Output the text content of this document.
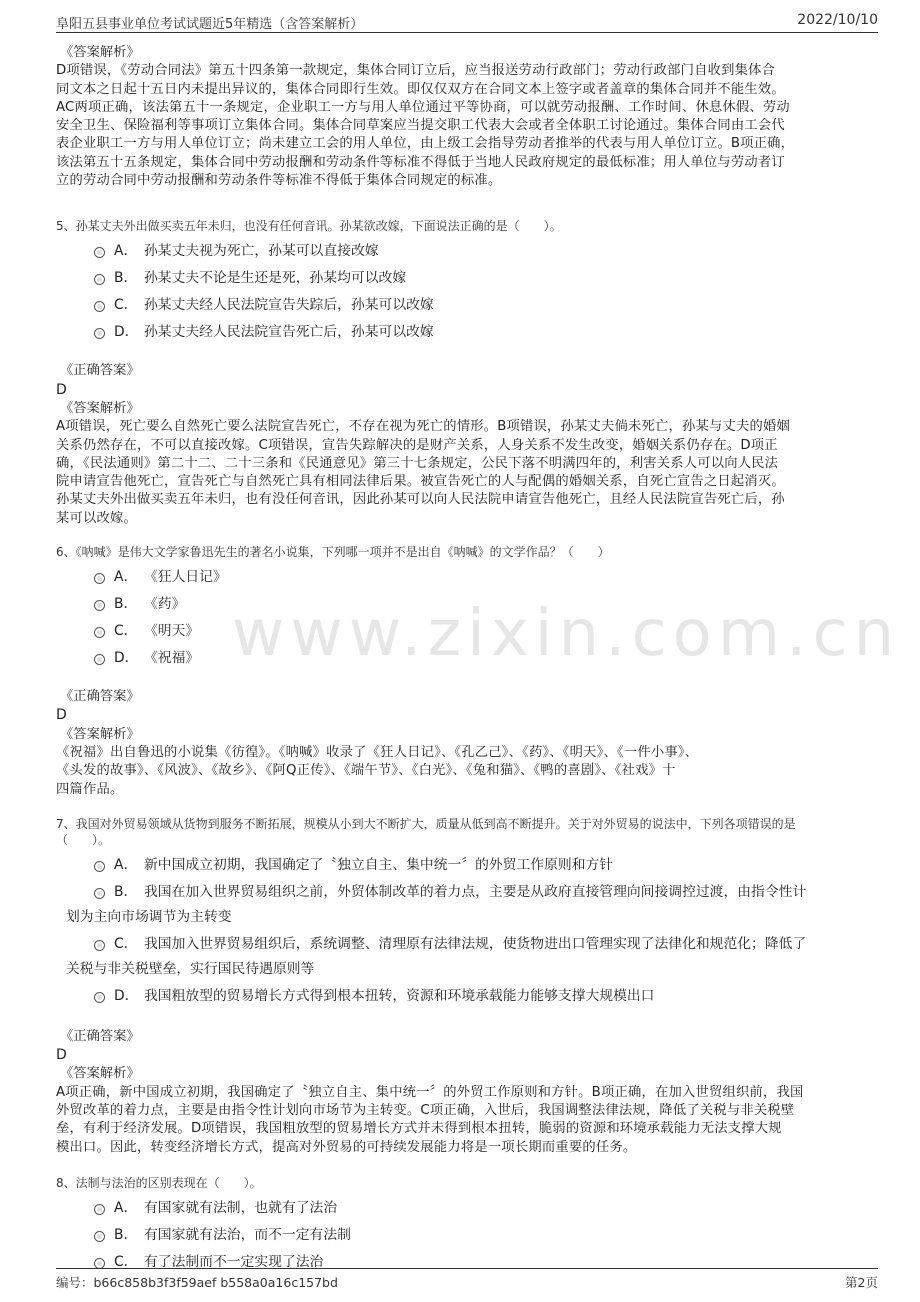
阜阳五县事业单位考试试题近5年精选（含答案解析）	2022/10/10
www.zixin.com.cn

《答案解析》

D项错误，《劳动合同法》第五十四条第一款规定，集体合同订立后，应当报送劳动行政部门；劳动行政部门自收到集体合

同文本之日起十五日内未提出异议的，集体合同即行生效。即仅仅双方在合同文本上签字或者盖章的集体合同并不能生效。

AC两项正确，该法第五十一条规定，企业职工一方与用人单位通过平等协商，可以就劳动报酬、工作时间、休息休假、劳动

安全卫生、保险福利等事项订立集体合同。集体合同草案应当提交职工代表大会或者全体职工讨论通过。集体合同由工会代

表企业职工一方与用人单位订立；尚未建立工会的用人单位，由上级工会指导劳动者推举的代表与用人单位订立。B项正确，

该法第五十五条规定，集体合同中劳动报酬和劳动条件等标准不得低于当地人民政府规定的最低标准；用人单位与劳动者订

立的劳动合同中劳动报酬和劳动条件等标准不得低于集体合同规定的标准。

5、孙某丈夫外出做买卖五年未归，也没有任何音讯。孙某欲改嫁，下面说法正确的是（　　）。

A． 孙某丈夫视为死亡，孙某可以直接改嫁
B． 孙某丈夫不论是生还是死，孙某均可以改嫁
C． 孙某丈夫经人民法院宣告失踪后，孙某可以改嫁
D． 孙某丈夫经人民法院宣告死亡后，孙某可以改嫁

《正确答案》

D

《答案解析》

A项错误，死亡要么自然死亡要么法院宣告死亡，不存在视为死亡的情形。B项错误，孙某丈夫倘未死亡，孙某与丈夫的婚姻

关系仍然存在，不可以直接改嫁。C项错误，宣告失踪解决的是财产关系，人身关系不发生改变，婚姻关系仍存在。D项正

确，《民法通则》第二十二、二十三条和《民通意见》第三十七条规定，公民下落不明满四年的，利害关系人可以向人民法

院申请宣告他死亡，宣告死亡与自然死亡具有相同法律后果。被宣告死亡的人与配偶的婚姻关系，自死亡宣告之日起消灭。

孙某丈夫外出做买卖五年未归，也有没任何音讯，因此孙某可以向人民法院申请宣告他死亡，且经人民法院宣告死亡后，孙

某可以改嫁。

6、《呐喊》是伟大文学家鲁迅先生的著名小说集，下列哪一项并不是出自《呐喊》的文学作品？（　　）

A． 《狂人日记》
B． 《药》
C． 《明天》
D． 《祝福》

《正确答案》

D

《答案解析》

《祝福》出自鲁迅的小说集《彷徨》。《呐喊》收录了《狂人日记》、《孔乙己》、《药》、《明天》、《一件小事》、

《头发的故事》、《风波》、《故乡》、《阿Q正传》、《端午节》、《白光》、《兔和猫》、《鸭的喜剧》、《社戏》十

四篇作品。

7、我国对外贸易领域从货物到服务不断拓展，规模从小到大不断扩大，质量从低到高不断提升。关于对外贸易的说法中，下列各项错误的是

（　　）。

A． 新中国成立初期，我国确定了〝独立自主、集中统一〞的外贸工作原则和方针
B． 我国在加入世界贸易组织之前，外贸体制改革的着力点，主要是从政府直接管理向间接调控过渡，由指令性计
划为主向市场调节为主转变
C． 我国加入世界贸易组织后，系统调整、清理原有法律法规，使货物进出口管理实现了法律化和规范化；降低了
关税与非关税壁垒，实行国民待遇原则等
D． 我国粗放型的贸易增长方式得到根本扭转，资源和环境承载能力能够支撑大规模出口

《正确答案》

D

《答案解析》

A项正确，新中国成立初期，我国确定了〝独立自主、集中统一〞的外贸工作原则和方针。B项正确，在加入世贸组织前，我国

外贸改革的着力点，主要是由指令性计划向市场节为主转变。C项正确，入世后，我国调整法律法规，降低了关税与非关税壁

垒，有利于经济发展。D项错误，我国粗放型的贸易增长方式并未得到根本扭转，脆弱的资源和环境承载能力无法支撑大规

模出口。因此，转变经济增长方式，提高对外贸易的可持续发展能力将是一项长期而重要的任务。

8、法制与法治的区别表现在（　　）。

A． 有国家就有法制，也就有了法治
B． 有国家就有法治，而不一定有法制
C． 有了法制而不一定实现了法治
编号：b66c858b3f3f59aef b558a0a16c157bd	第2页
